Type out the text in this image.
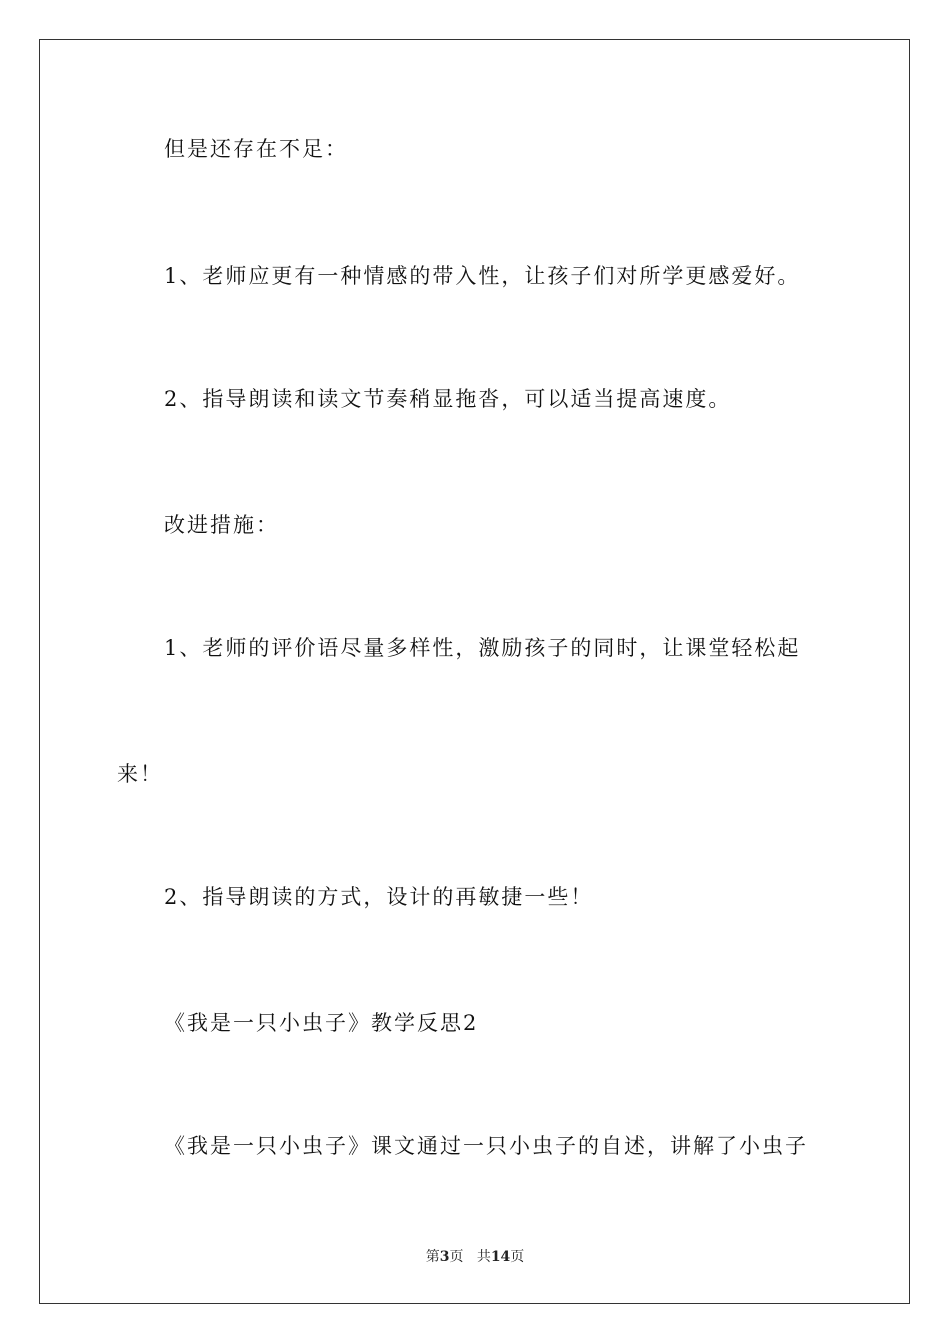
但是还存在不足：

1、老师应更有一种情感的带入性，让孩子们对所学更感爱好。

2、指导朗读和读文节奏稍显拖沓，可以适当提高速度。

改进措施：

1、老师的评价语尽量多样性，激励孩子的同时，让课堂轻松起

来！

2、指导朗读的方式，设计的再敏捷一些！

《我是一只小虫子》教学反思2

《我是一只小虫子》课文通过一只小虫子的自述，讲解了小虫子

第3页 共14页
